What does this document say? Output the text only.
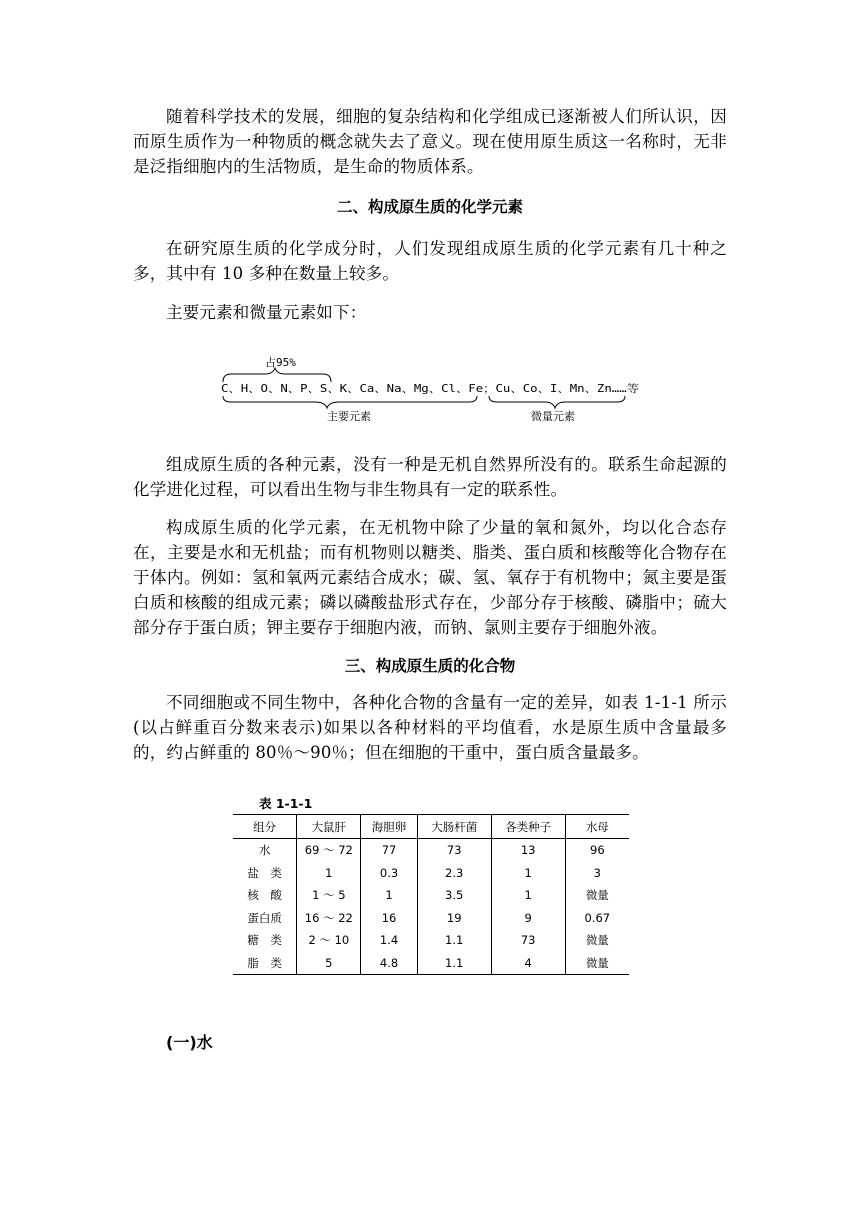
随着科学技术的发展，细胞的复杂结构和化学组成已逐渐被人们所认识，因而原生质作为一种物质的概念就失去了意义。现在使用原生质这一名称时，无非是泛指细胞内的生活物质，是生命的物质体系。

二、构成原生质的化学元素

在研究原生质的化学成分时，人们发现组成原生质的化学元素有几十种之多，其中有 10 多种在数量上较多。

主要元素和微量元素如下：

占95%
C、H、O、N、P、S、K、Ca、Na、Mg、Cl、Fe；Cu、Co、I、Mn、Zn……等
主要元素	微量元素

组成原生质的各种元素，没有一种是无机自然界所没有的。联系生命起源的化学进化过程，可以看出生物与非生物具有一定的联系性。

构成原生质的化学元素，在无机物中除了少量的氧和氮外，均以化合态存在，主要是水和无机盐；而有机物则以糖类、脂类、蛋白质和核酸等化合物存在于体内。例如：氢和氧两元素结合成水；碳、氢、氧存于有机物中；氮主要是蛋白质和核酸的组成元素；磷以磷酸盐形式存在，少部分存于核酸、磷脂中；硫大部分存于蛋白质；钾主要存于细胞内液，而钠、氯则主要存于细胞外液。

三、构成原生质的化合物

不同细胞或不同生物中，各种化合物的含量有一定的差异，如表 1-1-1 所示(以占鲜重百分数来表示)如果以各种材料的平均值看，水是原生质中含量最多的，约占鲜重的 80％～90％；但在细胞的干重中，蛋白质含量最多。

表 1-1-1

组分	大鼠肝	海胆卵	大肠杆菌	各类种子	水母
水	69 ～ 72	77	73	13	96
盐　类	1	0.3	2.3	1	3
核　酸	1 ～ 5	1	3.5	1	微量
蛋白质	16 ～ 22	16	19	9	0.67
糖　类	2 ～ 10	1.4	1.1	73	微量
脂　类	5	4.8	1.1	4	微量
(一)水
